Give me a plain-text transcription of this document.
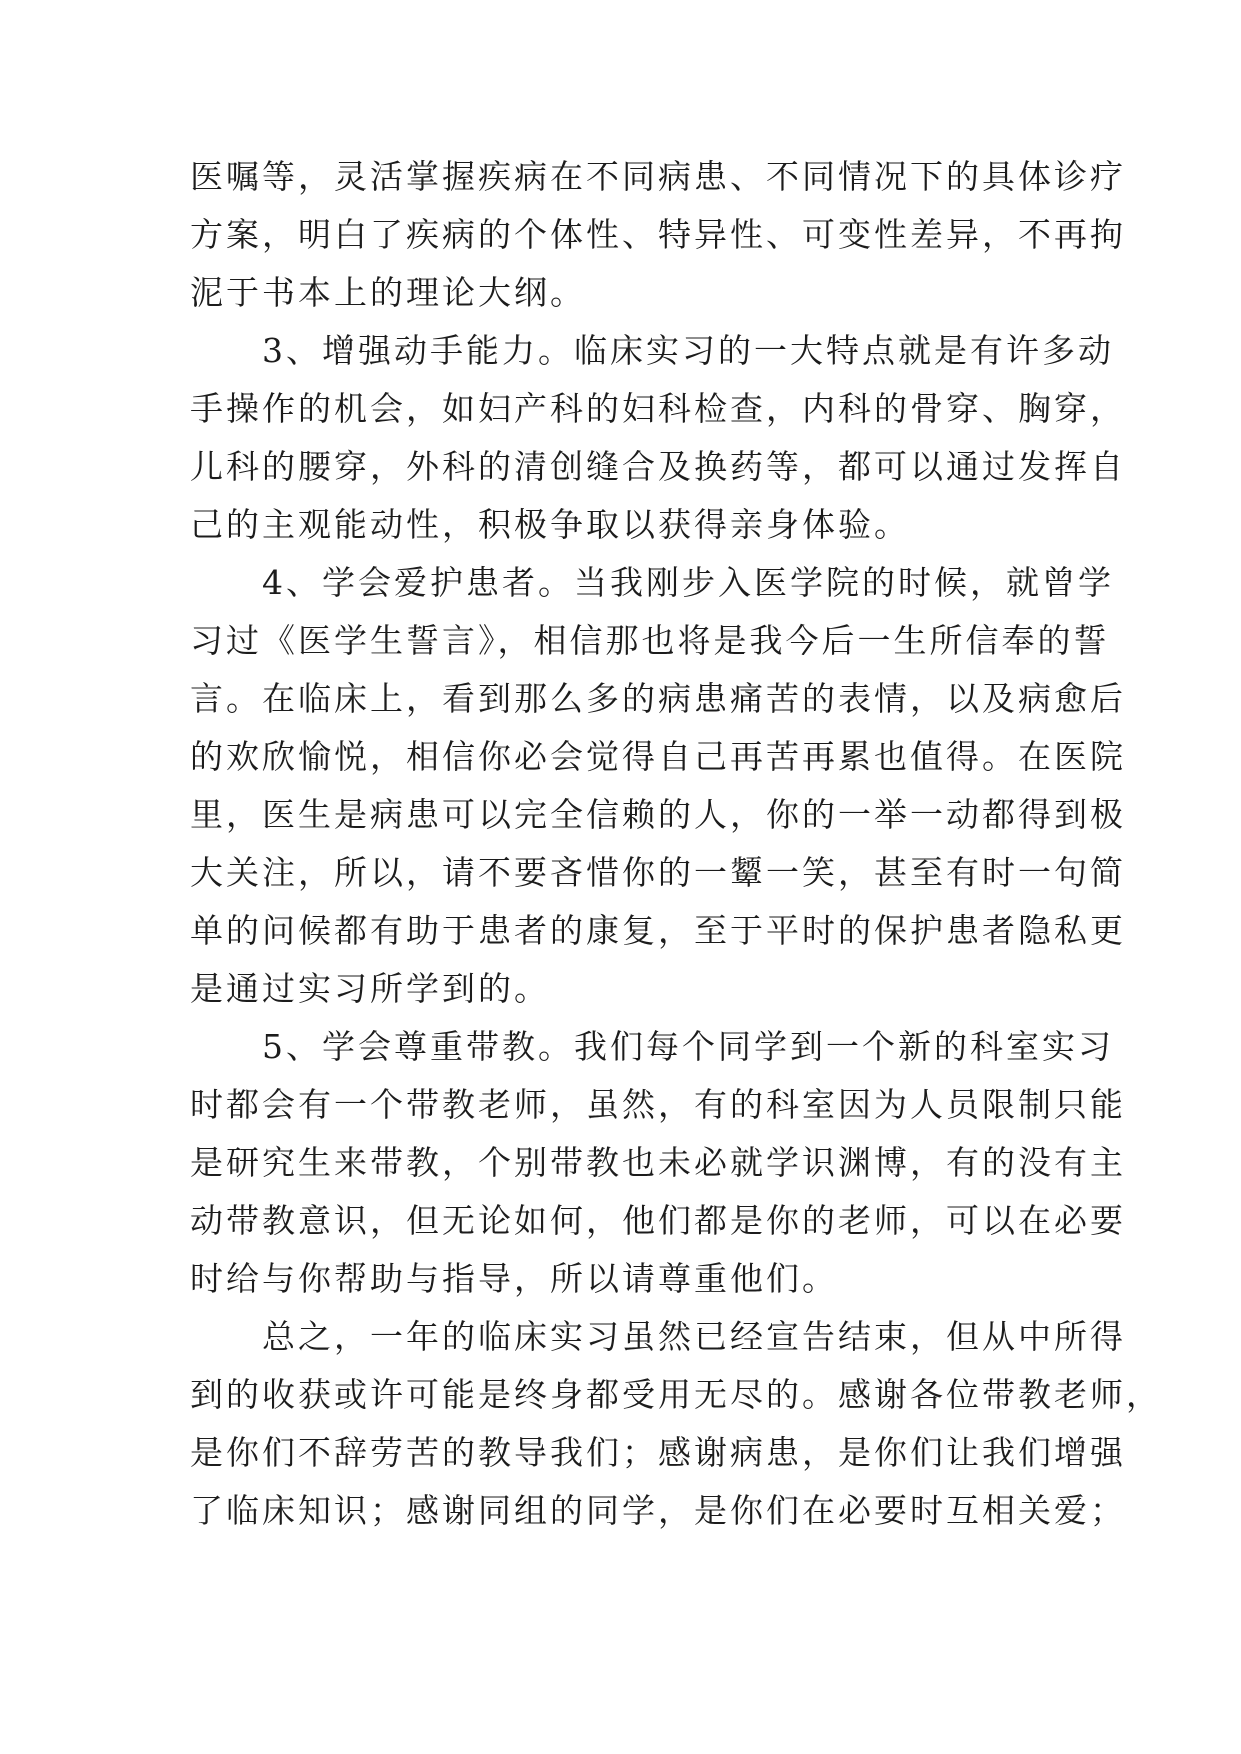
医嘱等，灵活掌握疾病在不同病患、不同情况下的具体诊疗
方案，明白了疾病的个体性、特异性、可变性差异，不再拘
泥于书本上的理论大纲。
　　3、增强动手能力。临床实习的一大特点就是有许多动
手操作的机会，如妇产科的妇科检查，内科的骨穿、胸穿，
儿科的腰穿，外科的清创缝合及换药等，都可以通过发挥自
己的主观能动性，积极争取以获得亲身体验。
　　4、学会爱护患者。当我刚步入医学院的时候，就曾学
习过《医学生誓言》，相信那也将是我今后一生所信奉的誓
言。在临床上，看到那么多的病患痛苦的表情，以及病愈后
的欢欣愉悦，相信你必会觉得自己再苦再累也值得。在医院
里，医生是病患可以完全信赖的人，你的一举一动都得到极
大关注，所以，请不要吝惜你的一颦一笑，甚至有时一句简
单的问候都有助于患者的康复，至于平时的保护患者隐私更
是通过实习所学到的。
　　5、学会尊重带教。我们每个同学到一个新的科室实习
时都会有一个带教老师，虽然，有的科室因为人员限制只能
是研究生来带教，个别带教也未必就学识渊博，有的没有主
动带教意识，但无论如何，他们都是你的老师，可以在必要
时给与你帮助与指导，所以请尊重他们。
　　总之，一年的临床实习虽然已经宣告结束，但从中所得
到的收获或许可能是终身都受用无尽的。感谢各位带教老师，
是你们不辞劳苦的教导我们；感谢病患，是你们让我们增强
了临床知识；感谢同组的同学，是你们在必要时互相关爱；
